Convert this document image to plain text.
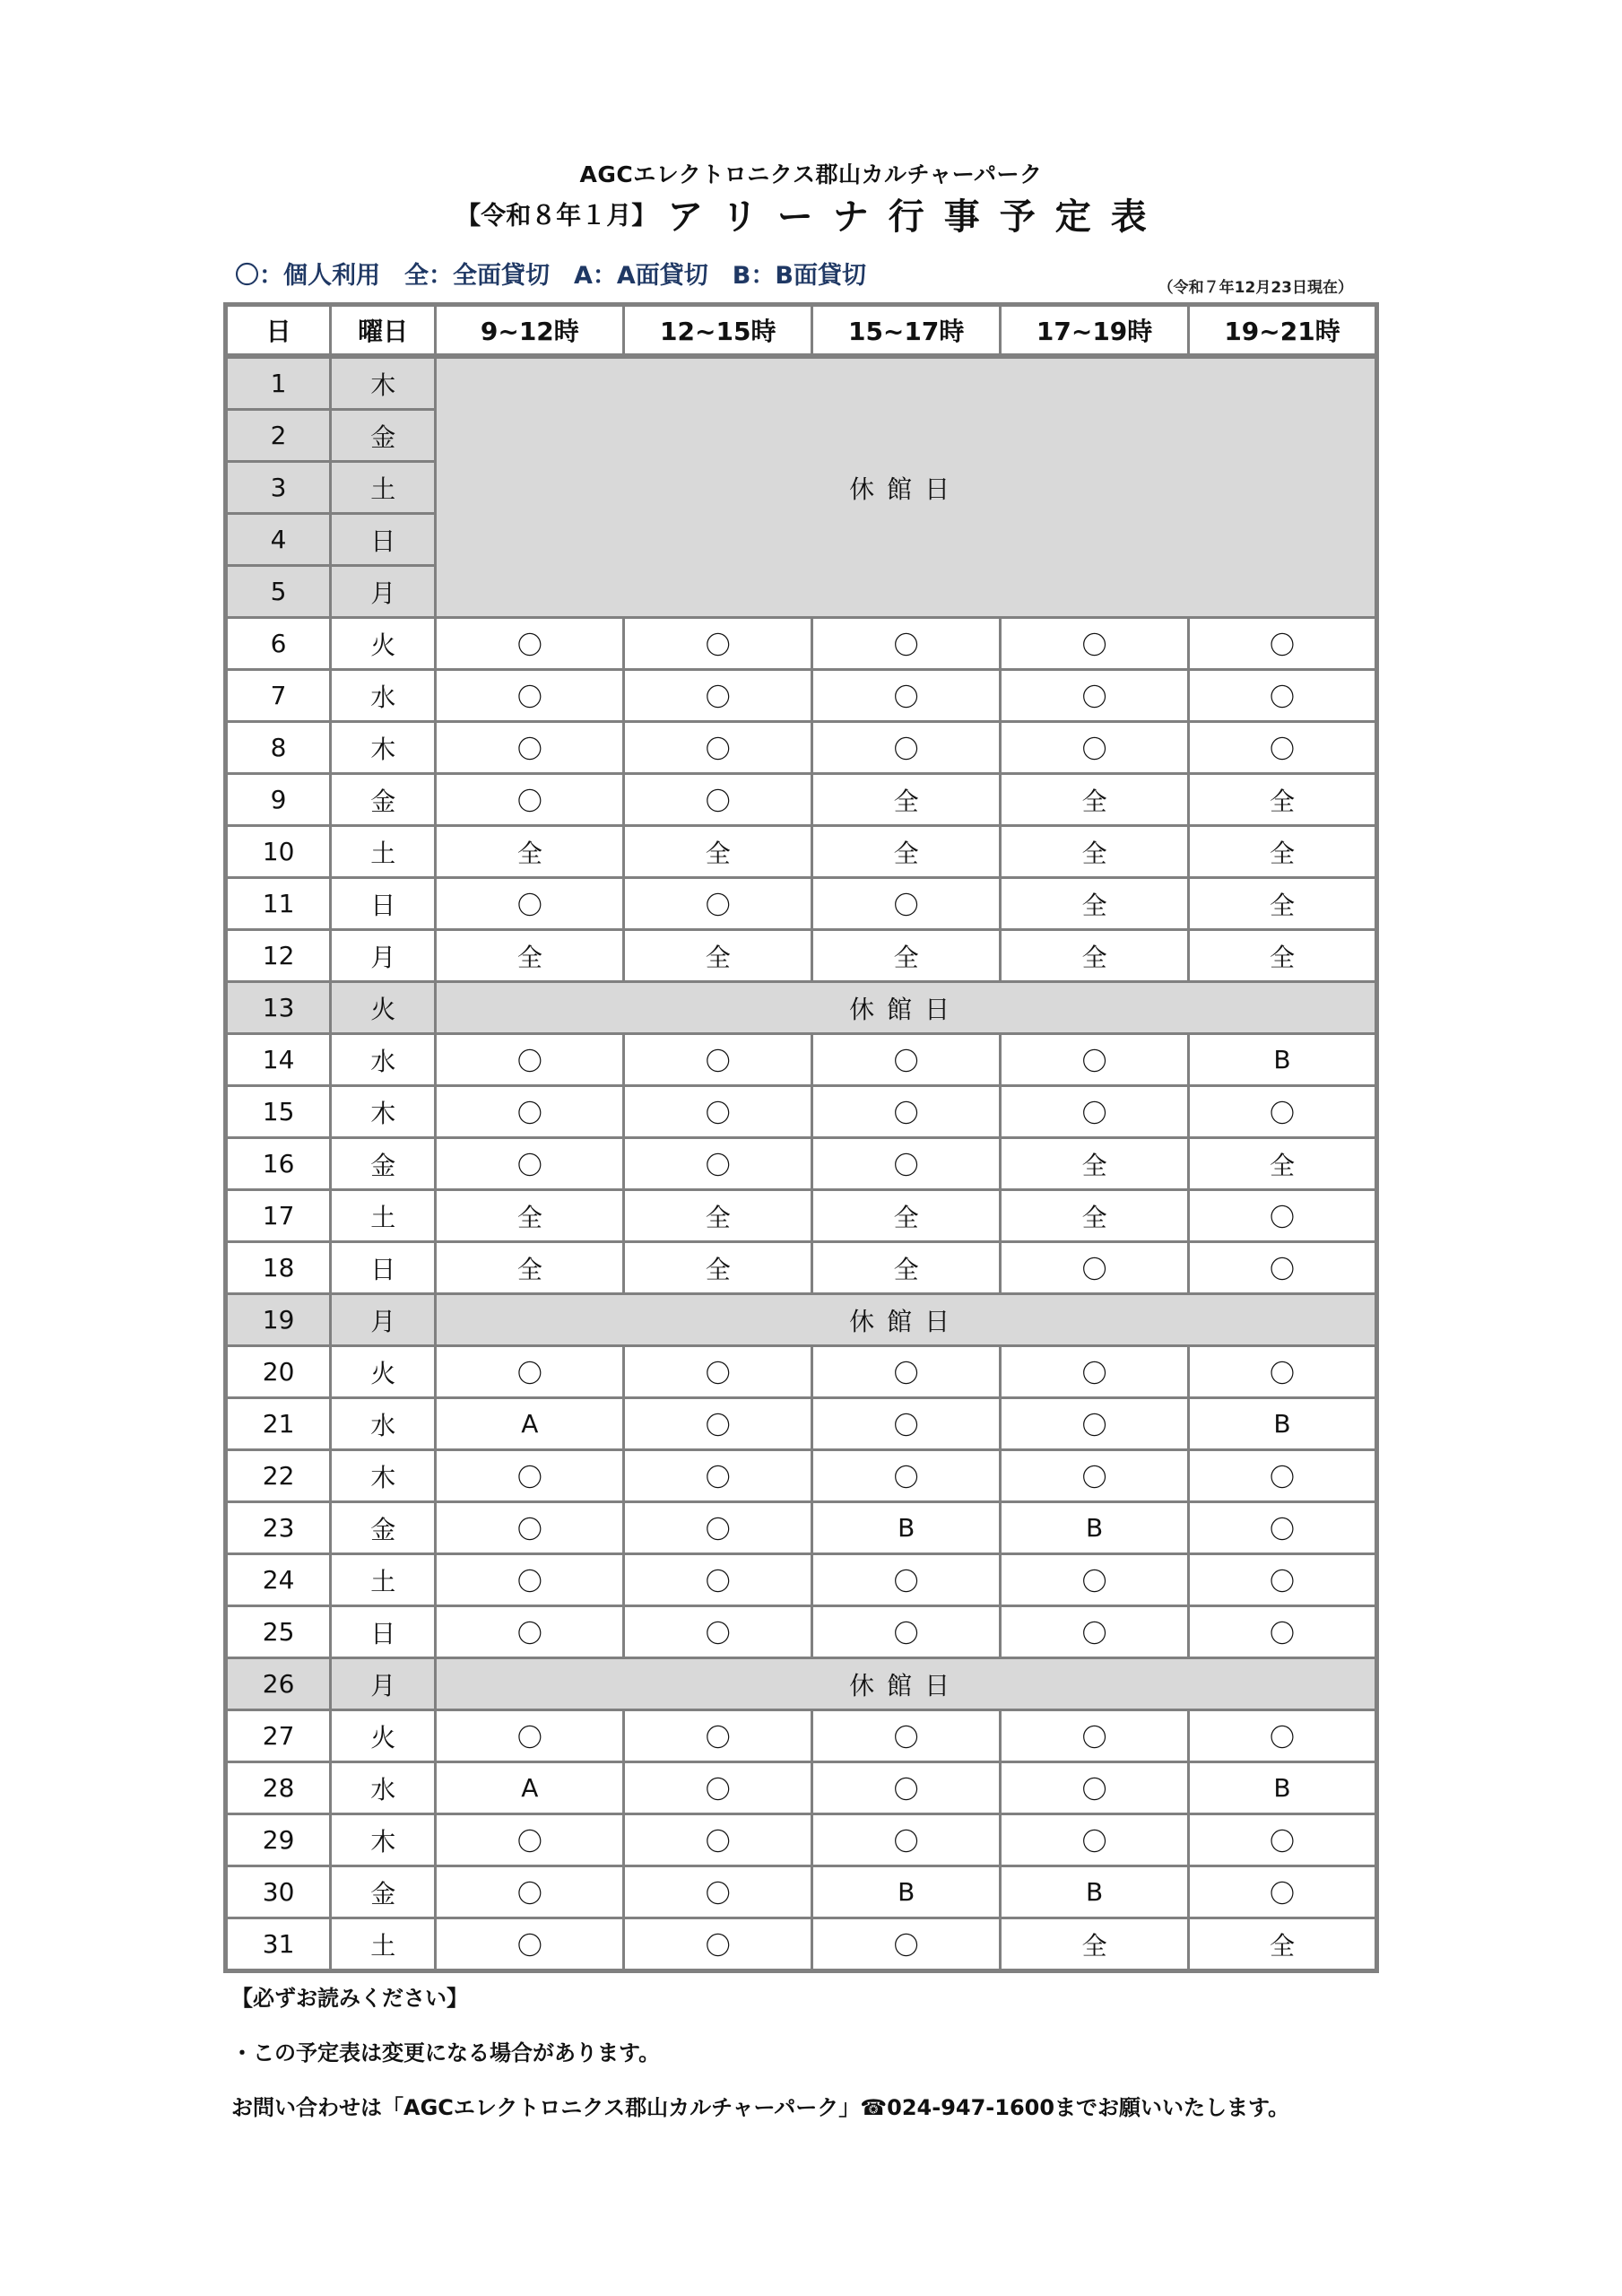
AGCエレクトロニクス郡山カルチャーパーク
【令和８年１月】 アリーナ行事予定表
〇：個人利用　全：全面貸切　A：A面貸切　B：B面貸切	（令和７年12月23日現在）
日	曜日	9~12時	12~15時	15~17時	17~19時	19~21時
1	木	休館日				
2	金					
3	土					
4	日					
5	月					
6	火	〇	〇	〇	〇	〇
7	水	〇	〇	〇	〇	〇
8	木	〇	〇	〇	〇	〇
9	金	〇	〇	全	全	全
10	土	全	全	全	全	全
11	日	〇	〇	〇	全	全
12	月	全	全	全	全	全
13	火	休館日				
14	水	〇	〇	〇	〇	B
15	木	〇	〇	〇	〇	〇
16	金	〇	〇	〇	全	全
17	土	全	全	全	全	〇
18	日	全	全	全	〇	〇
19	月	休館日				
20	火	〇	〇	〇	〇	〇
21	水	A	〇	〇	〇	B
22	木	〇	〇	〇	〇	〇
23	金	〇	〇	B	B	〇
24	土	〇	〇	〇	〇	〇
25	日	〇	〇	〇	〇	〇
26	月	休館日				
27	火	〇	〇	〇	〇	〇
28	水	A	〇	〇	〇	B
29	木	〇	〇	〇	〇	〇
30	金	〇	〇	B	B	〇
31	土	〇	〇	〇	全	全
【必ずお読みください】
・この予定表は変更になる場合があります。
お問い合わせは「AGCエレクトロニクス郡山カルチャーパーク」☎024-947-1600までお願いいたします。
